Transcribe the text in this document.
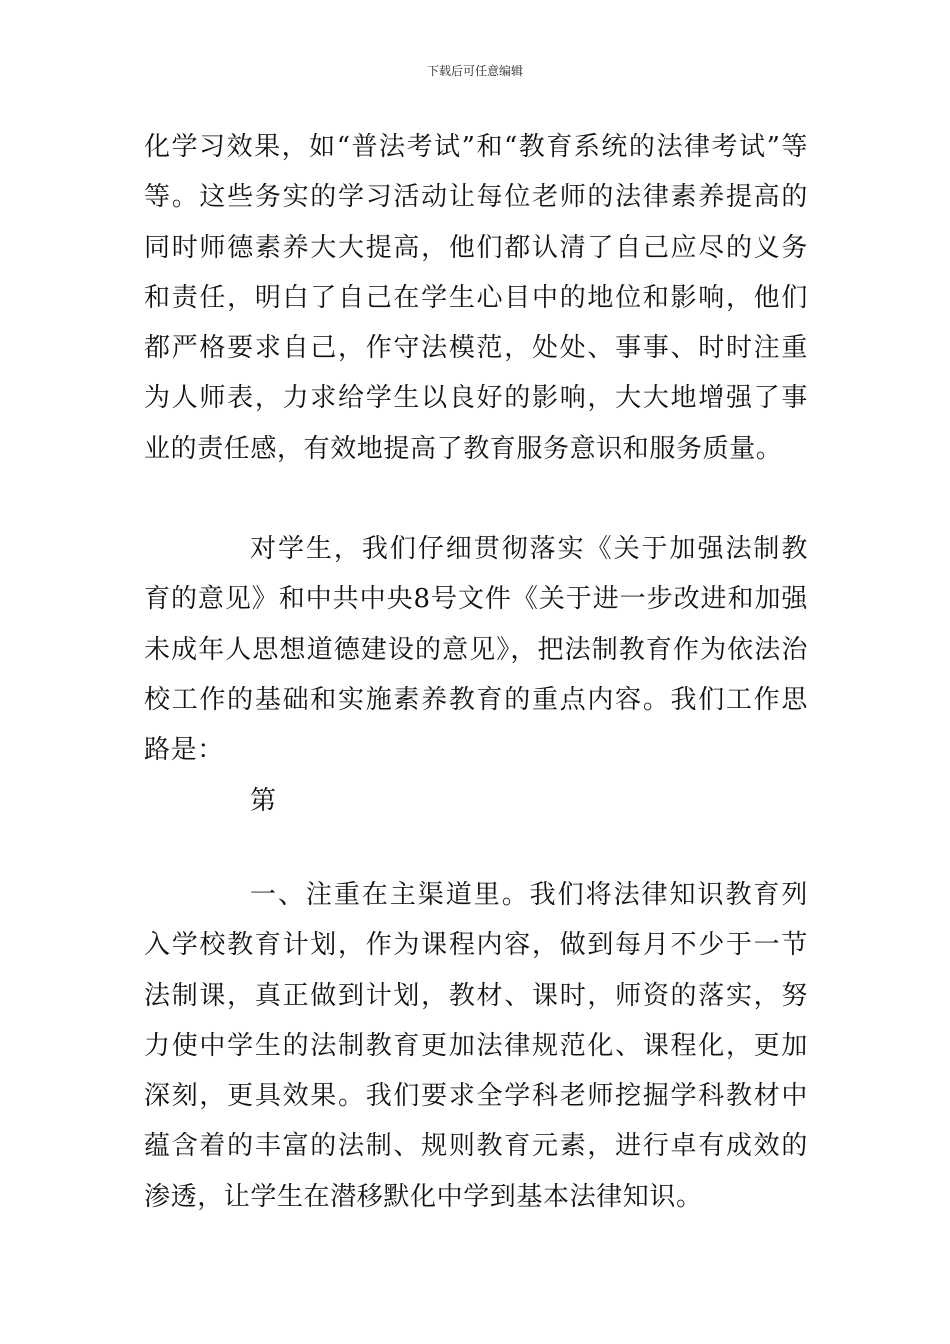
下载后可任意编辑

化学习效果，如“普法考试”和“教育系统的法律考试”等等。这些务实的学习活动让每位老师的法律素养提高的同时师德素养大大提高，他们都认清了自己应尽的义务和责任，明白了自己在学生心目中的地位和影响，他们都严格要求自己，作守法模范，处处、事事、时时注重为人师表，力求给学生以良好的影响，大大地增强了事业的责任感，有效地提高了教育服务意识和服务质量。

对学生，我们仔细贯彻落实《关于加强法制教育的意见》和中共中央8号文件《关于进一步改进和加强未成年人思想道德建设的意见》，把法制教育作为依法治校工作的基础和实施素养教育的重点内容。我们工作思路是：

第

一、注重在主渠道里。我们将法律知识教育列入学校教育计划，作为课程内容，做到每月不少于一节法制课，真正做到计划，教材、课时，师资的落实，努力使中学生的法制教育更加法律规范化、课程化，更加深刻，更具效果。我们要求全学科老师挖掘学科教材中蕴含着的丰富的法制、规则教育元素，进行卓有成效的渗透，让学生在潜移默化中学到基本法律知识。
